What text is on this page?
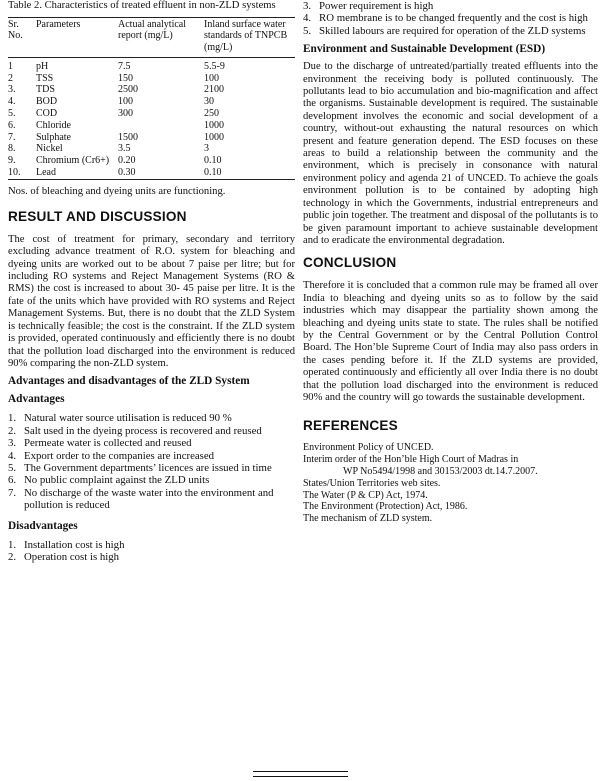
Table 2. Characteristics of treated effluent in non-ZLD systems

Sr. No.	Parameters	Actual analytical report (mg/L)	Inland surface water standards of TNPCB (mg/L)
1	pH	7.5	5.5-9
2	TSS	150	100
3.	TDS	2500	2100
4.	BOD	100	30
5.	COD	300	250
6.	Chloride		1000
7.	Sulphate	1500	1000
8.	Nickel	3.5	3
9.	Chromium (Cr6+)	0.20	0.10
10.	Lead	0.30	0.10

Nos. of bleaching and dyeing units are functioning.

RESULT AND DISCUSSION

The cost of treatment for primary, secondary and territory excluding advance treatment of R.O. system for bleaching and dyeing units are worked out to be about 7 paise per litre; but for including RO systems and Reject Management Systems (RO & RMS) the cost is increased to about 30- 45 paise per litre. It is the fate of the units which have provided with RO systems and Reject Management Systems. But, there is no doubt that the ZLD System is technically feasible; the cost is the constraint. If the ZLD system is provided, operated continuously and efficiently there is no doubt that the pollution load discharged into the environment is reduced 90% comparing the non-ZLD system.

Advantages and disadvantages of the ZLD System
Advantages
1. Natural water source utilisation is reduced 90 %
2. Salt used in the dyeing process is recovered and reused
3. Permeate water is collected and reused
4. Export order to the companies are increased
5. The Government departments’ licences are issued in time
6. No public complaint against the ZLD units
7. No discharge of the waste water into the environment and pollution is reduced
Disadvantages
1. Installation cost is high
2. Operation cost is high
3. Power requirement is high
4. RO membrane is to be changed frequently and the cost is high
5. Skilled labours are required for operation of the ZLD systems
Environment and Sustainable Development (ESD)

Due to the discharge of untreated/partially treated effluents into the environment the receiving body is polluted continuously. The pollutants lead to bio accumulation and bio-magnification and affect the organisms. Sustainable development is required. The sustainable development involves the economic and social development of a country, without-out exhausting the natural resources on which present and feature generation depend. The ESD focuses on these areas to build a relationship between the community and the environment, which is precisely in consonance with natural environment policy and agenda 21 of UNCED. To achieve the goals environment pollution is to be contained by adopting high technology in which the Governments, industrial entrepreneurs and public join together. The treatment and disposal of the pollutants is to be given paramount important to achieve sustainable development and to eradicate the environmental degradation.

CONCLUSION

Therefore it is concluded that a common rule may be framed all over India to bleaching and dyeing units so as to follow by the said industries which may disappear the partiality shown among the bleaching and dyeing units state to state. The rules shall be notified by the Central Government or by the Central Pollution Control Board. The Hon’ble Supreme Court of India may also pass orders in the cases pending before it. If the ZLD systems are provided, operated continuously and efficiently all over India there is no doubt that the pollution load discharged into the environment is reduced 90% and the country will go towards the sustainable development.

REFERENCES

Environment Policy of UNCED.

Interim order of the Hon’ble High Court of Madras in

WP No5494/1998 and 30153/2003 dt.14.7.2007.

States/Union Territories web sites.

The Water (P & CP) Act, 1974.

The Environment (Protection) Act, 1986.

The mechanism of ZLD system.
